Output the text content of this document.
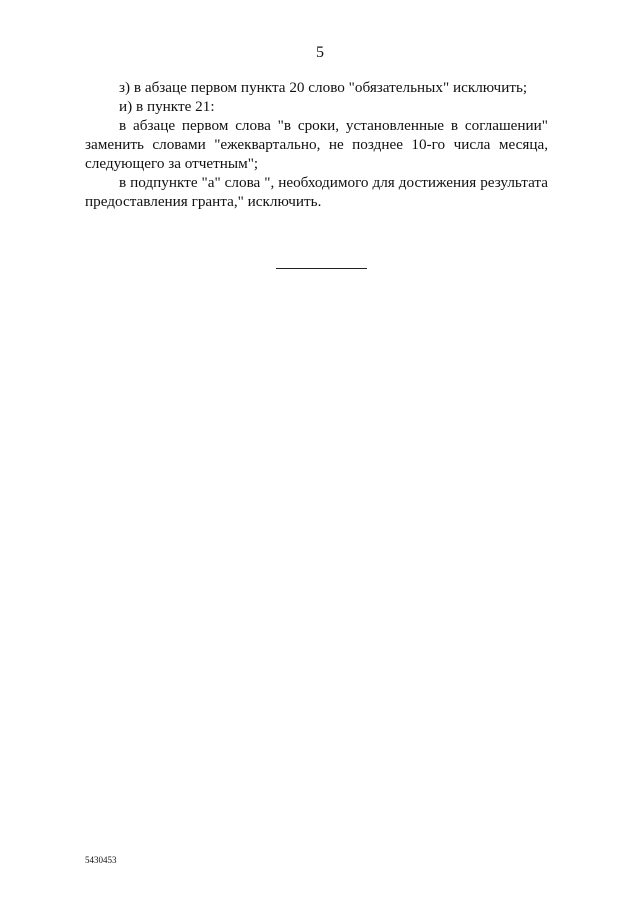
5

з) в абзаце первом пункта 20 слово "обязательных" исключить;

и) в пункте 21:

в абзаце первом слова "в сроки, установленные в соглашении" заменить словами "ежеквартально, не позднее 10-го числа месяца, следующего за отчетным";

в подпункте "а" слова ", необходимого для достижения результата предоставления гранта," исключить.

5430453
